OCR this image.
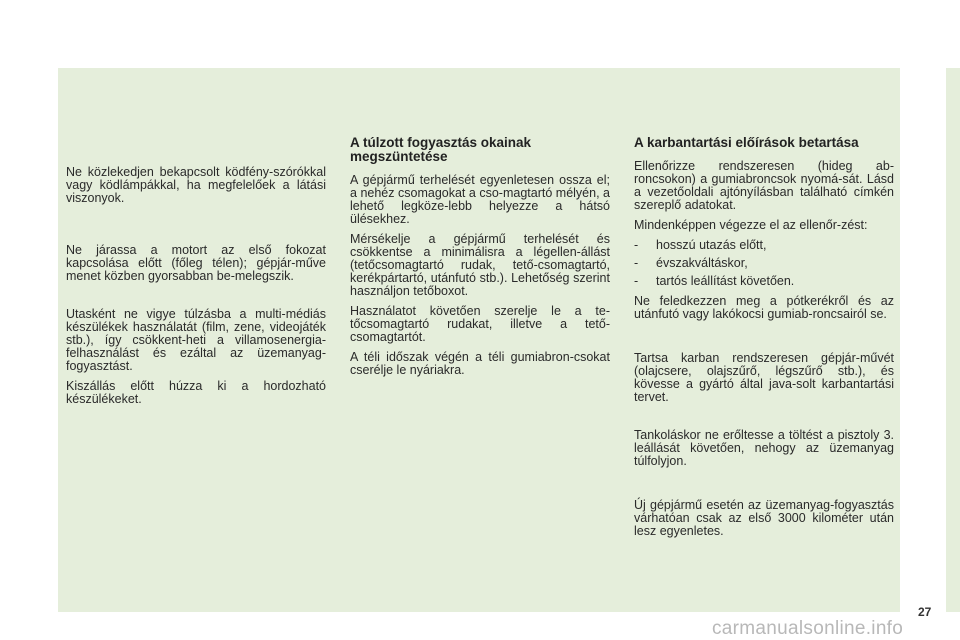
Ne közlekedjen bekapcsolt ködfény-szórókkal vagy ködlámpákkal, ha megfelelőek a látási viszonyok.

Ne járassa a motort az első fokozat kapcsolása előtt (főleg télen); gépjár-műve menet közben gyorsabban be-melegszik.

Utasként ne vigye túlzásba a multi-médiás készülékek használatát (film, zene, videojáték stb.), így csökkent-heti a villamosenergia-felhasználást és ezáltal az üzemanyag-fogyasztást.

Kiszállás előtt húzza ki a hordozható készülékeket.

A túlzott fogyasztás okainak megszüntetése

A gépjármű terhelését egyenletesen ossza el; a nehéz csomagokat a cso-magtartó mélyén, a lehető legköze-lebb helyezze a hátsó ülésekhez.

Mérsékelje a gépjármű terhelését és csökkentse a minimálisra a légellen-állást (tetőcsomagtartó rudak, tető-csomagtartó, kerékpártartó, utánfutó stb.). Lehetőség szerint használjon tetőboxot.

Használatot követően szerelje le a te-tőcsomagtartó rudakat, illetve a tető-csomagtartót.

A téli időszak végén a téli gumiabron-csokat cserélje le nyáriakra.

A karbantartási előírások betartása

Ellenőrizze rendszeresen (hideg ab-roncsokon) a gumiabroncsok nyomá-sát. Lásd a vezetőoldali ajtónyílásban található címkén szereplő adatokat.

Mindenképpen végezze el az ellenőr-zést:

- hosszú utazás előtt,
- évszakváltáskor,
- tartós leállítást követően.

Ne feledkezzen meg a pótkerékről és az utánfutó vagy lakókocsi gumiab-roncsairól se.

Tartsa karban rendszeresen gépjár-művét (olajcsere, olajszűrő, légszűrő stb.), és kövesse a gyártó által java-solt karbantartási tervet.

Tankoláskor ne erőltesse a töltést a pisztoly 3. leállását követően, nehogy az üzemanyag túlfolyjon.

Új gépjármű esetén az üzemanyag-fogyasztás várhatóan csak az első 3000 kilométer után lesz egyenletes.

27
carmanualsonline.info
